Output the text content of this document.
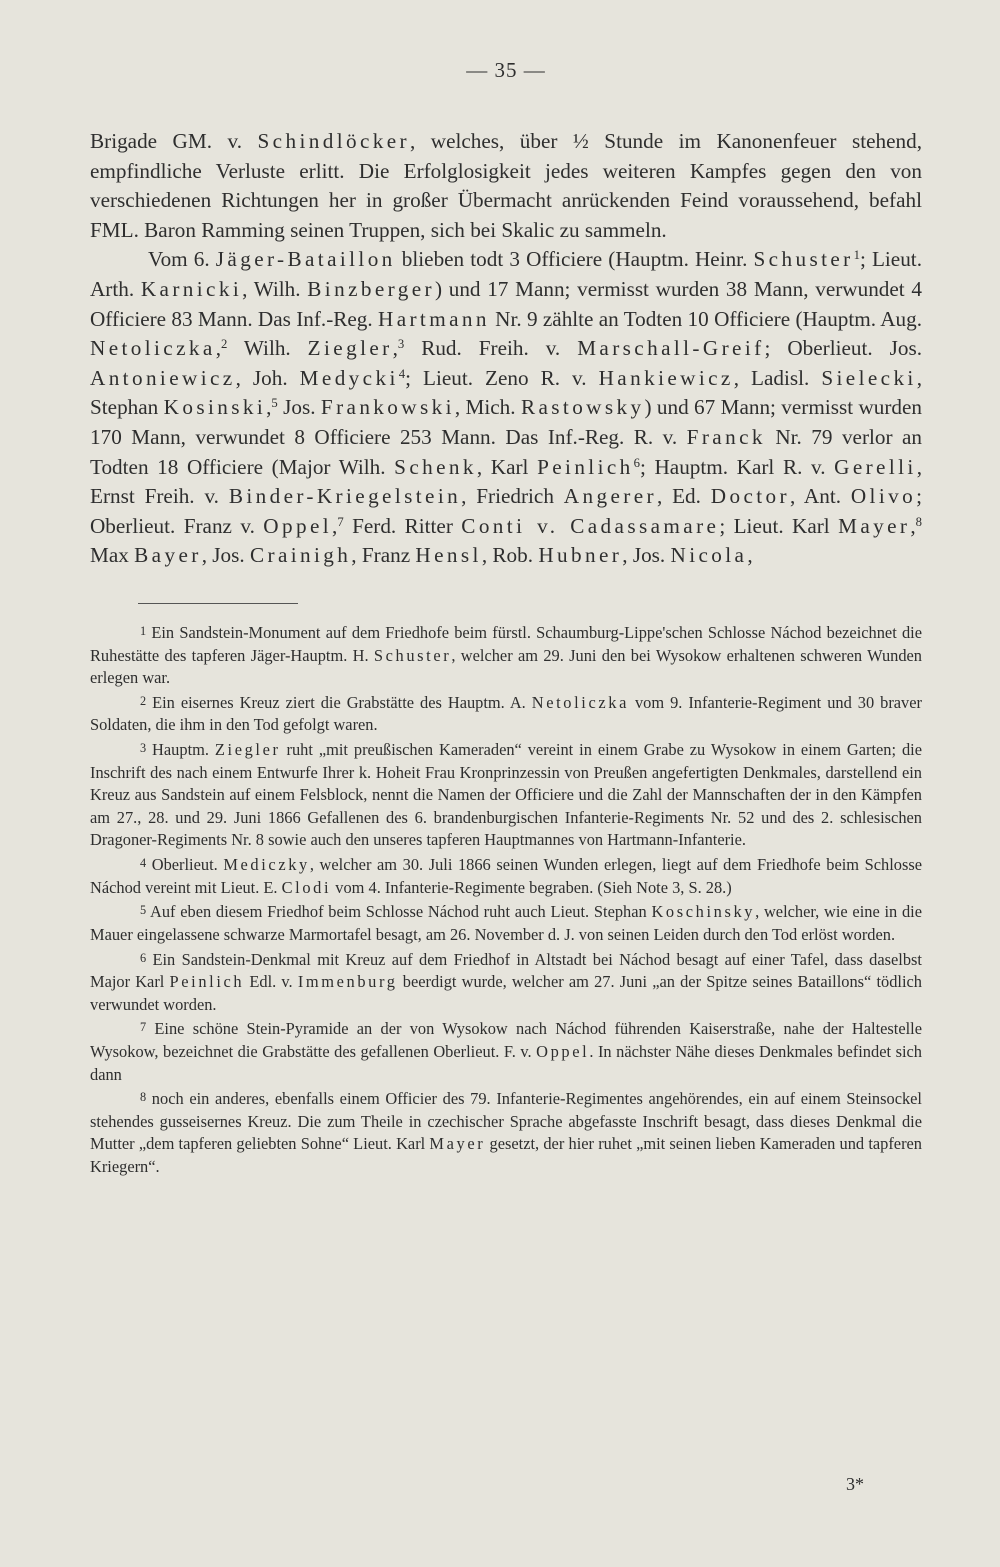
— 35 —

Brigade GM. v. Schindlöcker, welches, über ½ Stunde im Kanonenfeuer stehend, empfindliche Verluste erlitt. Die Erfolglosigkeit jedes weiteren Kampfes gegen den von verschiedenen Richtungen her in großer Übermacht anrückenden Feind voraussehend, befahl FML. Baron Ramming seinen Truppen, sich bei Skalic zu sammeln.

Vom 6. Jäger-Bataillon blieben todt 3 Officiere (Hauptm. Heinr. Schuster$^1$; Lieut. Arth. Karnicki, Wilh. Binzberger) und 17 Mann; vermisst wurden 38 Mann, verwundet 4 Officiere 83 Mann. Das Inf.-Reg. Hartmann Nr. 9 zählte an Todten 10 Officiere (Hauptm. Aug. Netoliczka,$^2$ Wilh. Ziegler,$^3$ Rud. Freih. v. Marschall-Greif; Oberlieut. Jos. Antoniewicz, Joh. Medycki$^4$; Lieut. Zeno R. v. Hankiewicz, Ladisl. Sielecki, Stephan Kosinski,$^5$ Jos. Frankowski, Mich. Rastowsky) und 67 Mann; vermisst wurden 170 Mann, verwundet 8 Officiere 253 Mann. Das Inf.-Reg. R. v. Franck Nr. 79 verlor an Todten 18 Officiere (Major Wilh. Schenk, Karl Peinlich$^6$; Hauptm. Karl R. v. Gerelli, Ernst Freih. v. Binder-Kriegelstein, Friedrich Angerer, Ed. Doctor, Ant. Olivo; Oberlieut. Franz v. Oppel,$^7$ Ferd. Ritter Conti v. Cadassamare; Lieut. Karl Mayer,$^8$ Max Bayer, Jos. Crainigh, Franz Hensl, Rob. Hubner, Jos. Nicola,

1 Ein Sandstein-Monument auf dem Friedhofe beim fürstl. Schaumburg-Lippe'schen Schlosse Náchod bezeichnet die Ruhestätte des tapferen Jäger-Hauptm. H. Schuster, welcher am 29. Juni den bei Wysokow erhaltenen schweren Wunden erlegen war.

2 Ein eisernes Kreuz ziert die Grabstätte des Hauptm. A. Netoliczka vom 9. Infanterie-Regiment und 30 braver Soldaten, die ihm in den Tod gefolgt waren.

3 Hauptm. Ziegler ruht „mit preußischen Kameraden“ vereint in einem Grabe zu Wysokow in einem Garten; die Inschrift des nach einem Entwurfe Ihrer k. Hoheit Frau Kronprinzessin von Preußen angefertigten Denkmales, darstellend ein Kreuz aus Sandstein auf einem Felsblock, nennt die Namen der Officiere und die Zahl der Mannschaften der in den Kämpfen am 27., 28. und 29. Juni 1866 Gefallenen des 6. brandenburgischen Infanterie-Regiments Nr. 52 und des 2. schlesischen Dragoner-Regiments Nr. 8 sowie auch den unseres tapferen Hauptmannes von Hartmann-Infanterie.

4 Oberlieut. Mediczky, welcher am 30. Juli 1866 seinen Wunden erlegen, liegt auf dem Friedhofe beim Schlosse Náchod vereint mit Lieut. E. Clodi vom 4. Infanterie-Regimente begraben. (Sieh Note 3, S. 28.)

5 Auf eben diesem Friedhof beim Schlosse Náchod ruht auch Lieut. Stephan Koschinsky, welcher, wie eine in die Mauer eingelassene schwarze Marmortafel besagt, am 26. November d. J. von seinen Leiden durch den Tod erlöst worden.

6 Ein Sandstein-Denkmal mit Kreuz auf dem Friedhof in Altstadt bei Náchod besagt auf einer Tafel, dass daselbst Major Karl Peinlich Edl. v. Immenburg beerdigt wurde, welcher am 27. Juni „an der Spitze seines Bataillons“ tödlich verwundet worden.

7 Eine schöne Stein-Pyramide an der von Wysokow nach Náchod führenden Kaiserstraße, nahe der Haltestelle Wysokow, bezeichnet die Grabstätte des gefallenen Oberlieut. F. v. Oppel. In nächster Nähe dieses Denkmales befindet sich dann

8 noch ein anderes, ebenfalls einem Officier des 79. Infanterie-Regimentes angehörendes, ein auf einem Steinsockel stehendes gusseisernes Kreuz. Die zum Theile in czechischer Sprache abgefasste Inschrift besagt, dass dieses Denkmal die Mutter „dem tapferen geliebten Sohne“ Lieut. Karl Mayer gesetzt, der hier ruhet „mit seinen lieben Kameraden und tapferen Kriegern“.

3*
